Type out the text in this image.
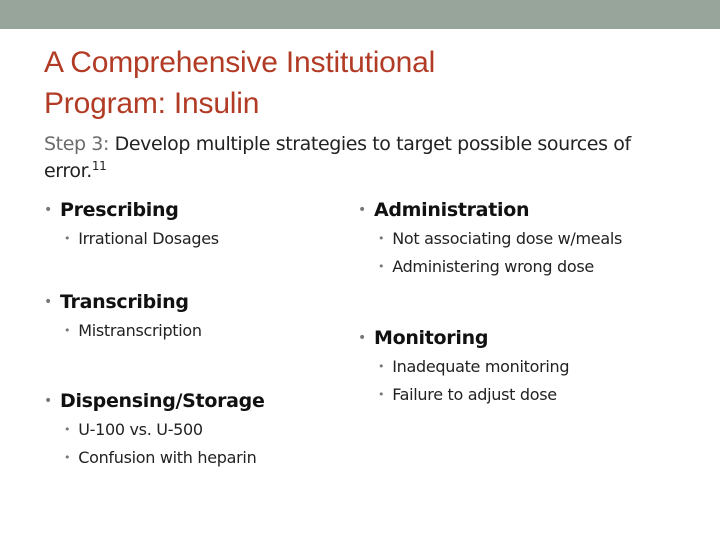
A Comprehensive Institutional
Program: Insulin
Step 3: Develop multiple strategies to target possible sources of error.$^{11}$
• Prescribing
• Irrational Dosages
• Transcribing
• Mistranscription
• Dispensing/Storage
• U-100 vs. U-500
• Confusion with heparin
• Administration
• Not associating dose w/meals
• Administering wrong dose
• Monitoring
• Inadequate monitoring
• Failure to adjust dose
